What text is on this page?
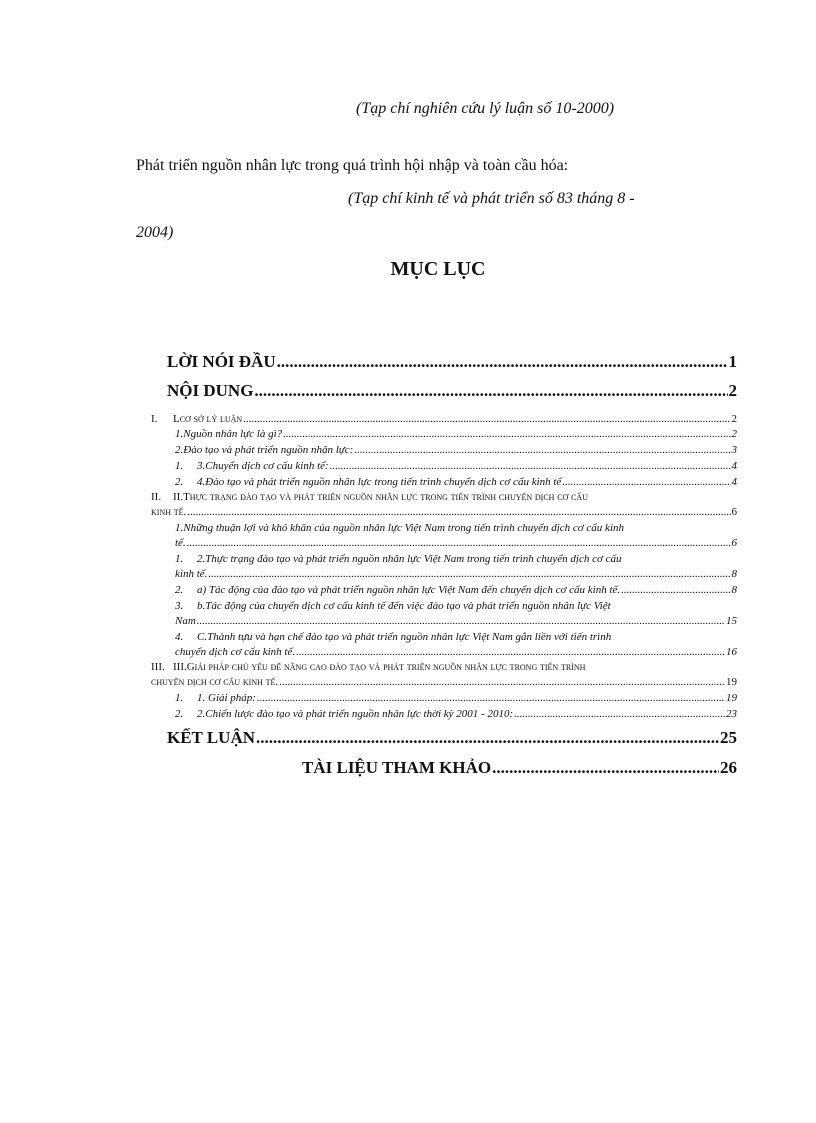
(Tạp chí nghiên cứu lý luận số 10-2000)
Phát triển nguồn nhân lực trong quá trình hội nhập và toàn cầu hóa:
(Tạp chí kinh tế và phát triển số 83 tháng 8 -
2004)
MỤC LỤC
LỜI NÓI ĐẦU .....	1
NỘI DUNG .....	2
I. Lcơ sở lý luận .....	2
1.Nguồn nhân lực là gì? .....	2
2.Đào tạo và phát triển nguồn nhân lực: .....	3
1. 3.Chuyển dịch cơ cấu kinh tế: .....	4
2. 4.Đào tạo và phát triển nguồn nhân lực trong tiến trình chuyển dịch cơ cấu kinh tế .....	4
II. II.Thực trạng đào tạo và phát triển nguồn nhân lực trong tiến trình chuyển dịch cơ cấu
kinh tế. .....	6
1.Những thuận lợi và khó khăn của nguồn nhân lực Việt Nam trong tiến trình chuyển dịch cơ cấu kinh
tế. .....	6
1. 2.Thực trạng đào tạo và phát triển nguồn nhân lực Việt Nam trong tiến trình chuyển dịch cơ cấu
kinh tế. .....	8
2. a) Tác động của đào tạo và phát triển nguồn nhân lực Việt Nam đến chuyển dịch cơ cấu kinh tế. .....	8
3. b.Tác động của chuyển dịch cơ cấu kinh tế đến việc đào tạo và phát triển nguồn nhân lực Việt
Nam .....	15
4. C.Thành tựu và hạn chế đào tạo và phát triển nguồn nhân lực Việt Nam gắn liền với tiến trình
chuyển dịch cơ cấu kinh tế. .....	16
III. III.Giải pháp chủ yếu để nâng cao đào tạo và phát triển nguồn nhân lực trong tiến trình
chuyển dịch cơ cấu kinh tế. .....	19
1. 1. Giải pháp: .....	19
2. 2.Chiến lược đào tạo và phát triển nguồn nhân lực thời kỳ 2001 - 2010: .....	23
KẾT LUẬN .....	25
TÀI LIỆU THAM KHẢO .....	26
